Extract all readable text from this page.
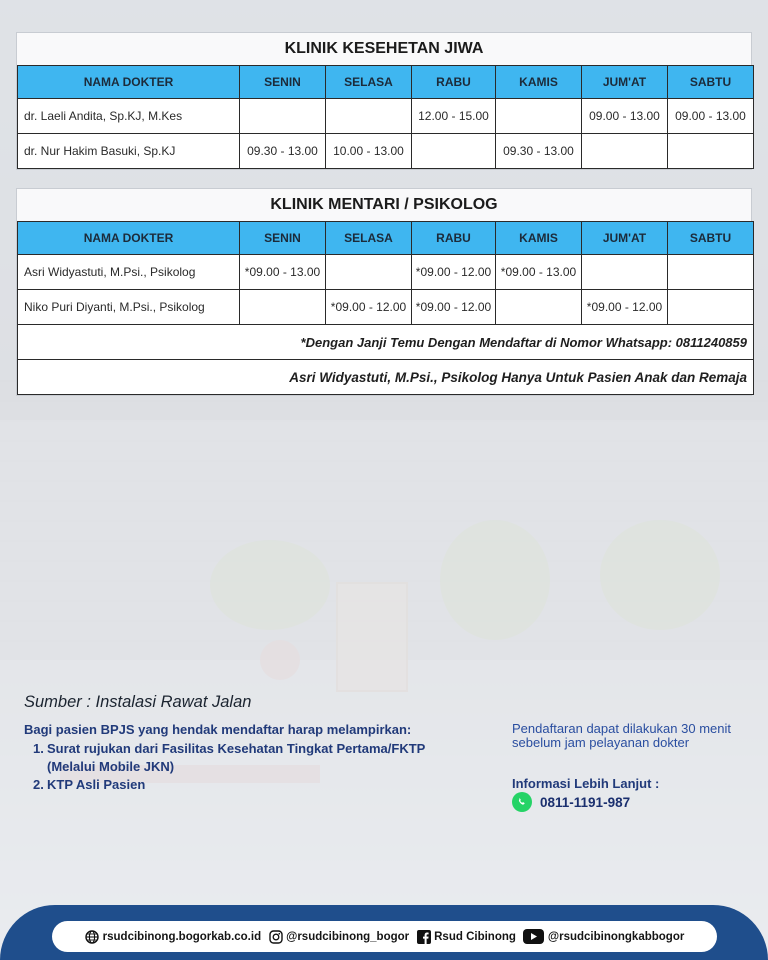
KLINIK KESEHETAN JIWA
NAMA DOKTER	SENIN	SELASA	RABU	KAMIS	JUM'AT	SABTU
dr. Laeli Andita, Sp.KJ, M.Kes			12.00 - 15.00		09.00 - 13.00	09.00 - 13.00
dr. Nur Hakim Basuki, Sp.KJ	09.30 - 13.00	10.00 - 13.00		09.30 - 13.00		
KLINIK MENTARI / PSIKOLOG
NAMA DOKTER	SENIN	SELASA	RABU	KAMIS	JUM'AT	SABTU
Asri Widyastuti, M.Psi., Psikolog	*09.00 - 13.00		*09.00 - 12.00	*09.00 - 13.00		
Niko Puri Diyanti, M.Psi., Psikolog		*09.00 - 12.00	*09.00 - 12.00		*09.00 - 12.00	
*Dengan Janji Temu Dengan Mendaftar di Nomor Whatsapp: 0811240859						
Asri Widyastuti, M.Psi., Psikolog Hanya Untuk Pasien Anak dan Remaja						
Sumber : Instalasi Rawat Jalan
Bagi pasien BPJS yang hendak mendaftar harap melampirkan:
1. Surat rujukan dari Fasilitas Kesehatan Tingkat Pertama/FKTP
(Melalui Mobile JKN)
2. KTP Asli Pasien
Pendaftaran dapat dilakukan 30 menit sebelum jam pelayanan dokter
Informasi Lebih Lanjut :
0811-1191-987
rsudcibinong.bogorkab.co.id @rsudcibinong_bogor Rsud Cibinong	@rsudcibinongkabbogor
